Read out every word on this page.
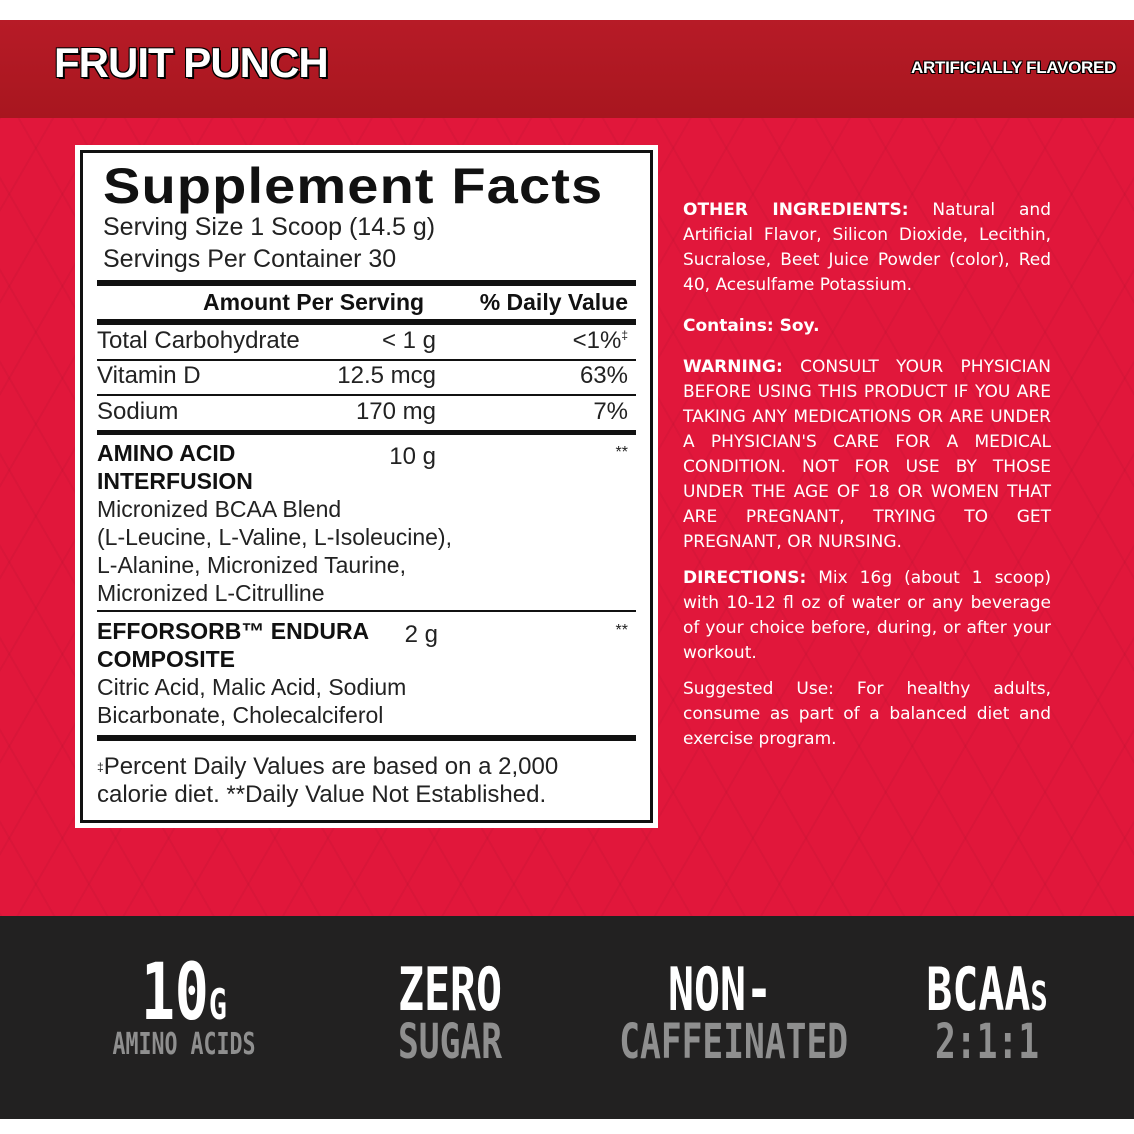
FRUIT PUNCH	ARTIFICIALLY FLAVORED
Supplement Facts
Serving Size 1 Scoop (14.5 g)
Servings Per Container 30
Amount Per Serving % Daily Value
Total Carbohydrate	< 1 g	<1%‡
Vitamin D	12.5 mcg	63%
Sodium	170 mg	7%
AMINO ACID
INTERFUSION
10 g	**
Micronized BCAA Blend
(L-Leucine, L-Valine, L-Isoleucine),
L-Alanine, Micronized Taurine,
Micronized L-Citrulline
EFFORSORB™ ENDURA
COMPOSITE
2 g	**
Citric Acid, Malic Acid, Sodium
Bicarbonate, Cholecalciferol
‡Percent Daily Values are based on a 2,000
calorie diet. **Daily Value Not Established.

OTHER INGREDIENTS: Natural and Artificial Flavor, Silicon Dioxide, Lecithin, Sucralose, Beet Juice Powder (color), Red 40, Acesulfame Potassium.

Contains: Soy.

WARNING: CONSULT YOUR PHYSICIAN BEFORE USING THIS PRODUCT IF YOU ARE TAKING ANY MEDICATIONS OR ARE UNDER A PHYSICIAN'S CARE FOR A MEDICAL CONDITION. NOT FOR USE BY THOSE UNDER THE AGE OF 18 OR WOMEN THAT ARE PREGNANT, TRYING TO GET PREGNANT, OR NURSING.

DIRECTIONS: Mix 16g (about 1 scoop) with 10-12 fl oz of water or any beverage of your choice before, during, or after your workout.

Suggested Use: For healthy adults, consume as part of a balanced diet and exercise program.

10G
AMINO ACIDS
ZERO
SUGAR
NON-
CAFFEINATED
BCAAS
2:1:1
